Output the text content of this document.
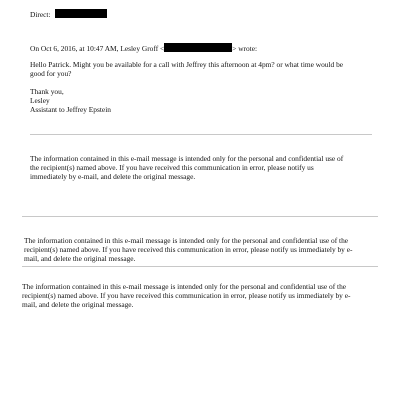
Direct:
On Oct 6, 2016, at 10:47 AM, Lesley Groff <	> wrote:
Hello Patrick. Might you be available for a call with Jeffrey this afternoon at 4pm? or what time would be
good for you?
Thank you,
Lesley
Assistant to Jeffrey Epstein
The information contained in this e-mail message is intended only for the personal and confidential use of
the recipient(s) named above. If you have received this communication in error, please notify us
immediately by e-mail, and delete the original message.
The information contained in this e-mail message is intended only for the personal and confidential use of the
recipient(s) named above. If you have received this communication in error, please notify us immediately by e-
mail, and delete the original message.
The information contained in this e-mail message is intended only for the personal and confidential use of the
recipient(s) named above. If you have received this communication in error, please notify us immediately by e-
mail, and delete the original message.
